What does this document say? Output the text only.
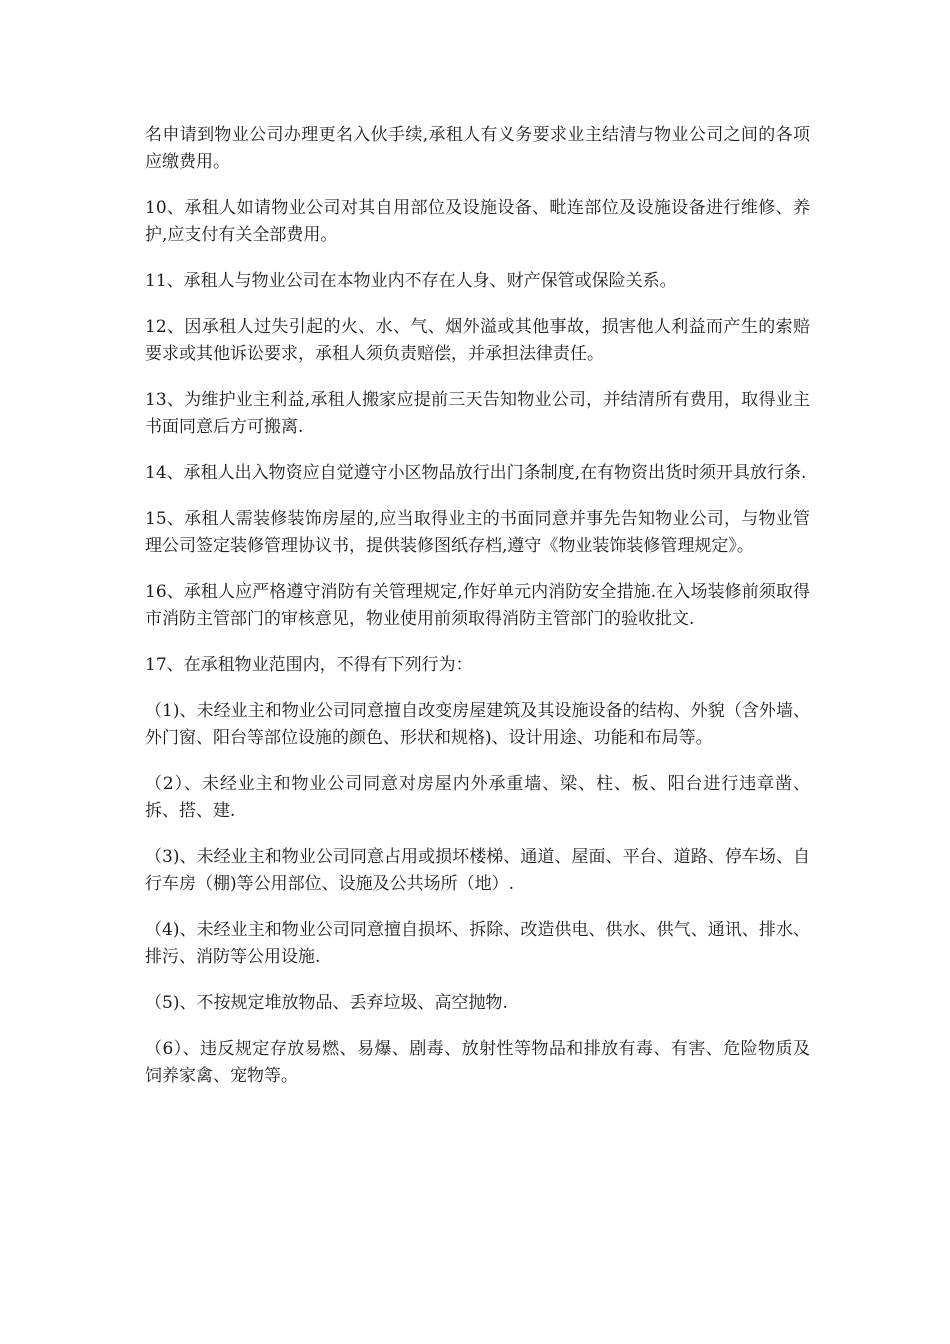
名申请到物业公司办理更名入伙手续,承租人有义务要求业主结清与物业公司之间的各项应缴费用。

10、承租人如请物业公司对其自用部位及设施设备、毗连部位及设施设备进行维修、养护,应支付有关全部费用。

11、承租人与物业公司在本物业内不存在人身、财产保管或保险关系。

12、因承租人过失引起的火、水、气、烟外溢或其他事故，损害他人利益而产生的索赔要求或其他诉讼要求，承租人须负责赔偿，并承担法律责任。

13、为维护业主利益,承租人搬家应提前三天告知物业公司，并结清所有费用，取得业主书面同意后方可搬离.

14、承租人出入物资应自觉遵守小区物品放行出门条制度,在有物资出货时须开具放行条.

15、承租人需装修装饰房屋的,应当取得业主的书面同意并事先告知物业公司，与物业管理公司签定装修管理协议书，提供装修图纸存档,遵守《物业装饰装修管理规定》。

16、承租人应严格遵守消防有关管理规定,作好单元内消防安全措施.在入场装修前须取得市消防主管部门的审核意见，物业使用前须取得消防主管部门的验收批文.

17、在承租物业范围内，不得有下列行为：

（1)、未经业主和物业公司同意擅自改变房屋建筑及其设施设备的结构、外貌（含外墙、外门窗、阳台等部位设施的颜色、形状和规格)、设计用途、功能和布局等。

（2）、未经业主和物业公司同意对房屋内外承重墙、梁、柱、板、阳台进行违章凿、拆、搭、建.

（3)、未经业主和物业公司同意占用或损坏楼梯、通道、屋面、平台、道路、停车场、自行车房（棚)等公用部位、设施及公共场所（地）.

（4)、未经业主和物业公司同意擅自损坏、拆除、改造供电、供水、供气、通讯、排水、排污、消防等公用设施.

（5)、不按规定堆放物品、丢弃垃圾、高空抛物.

（6）、违反规定存放易燃、易爆、剧毒、放射性等物品和排放有毒、有害、危险物质及饲养家禽、宠物等。
